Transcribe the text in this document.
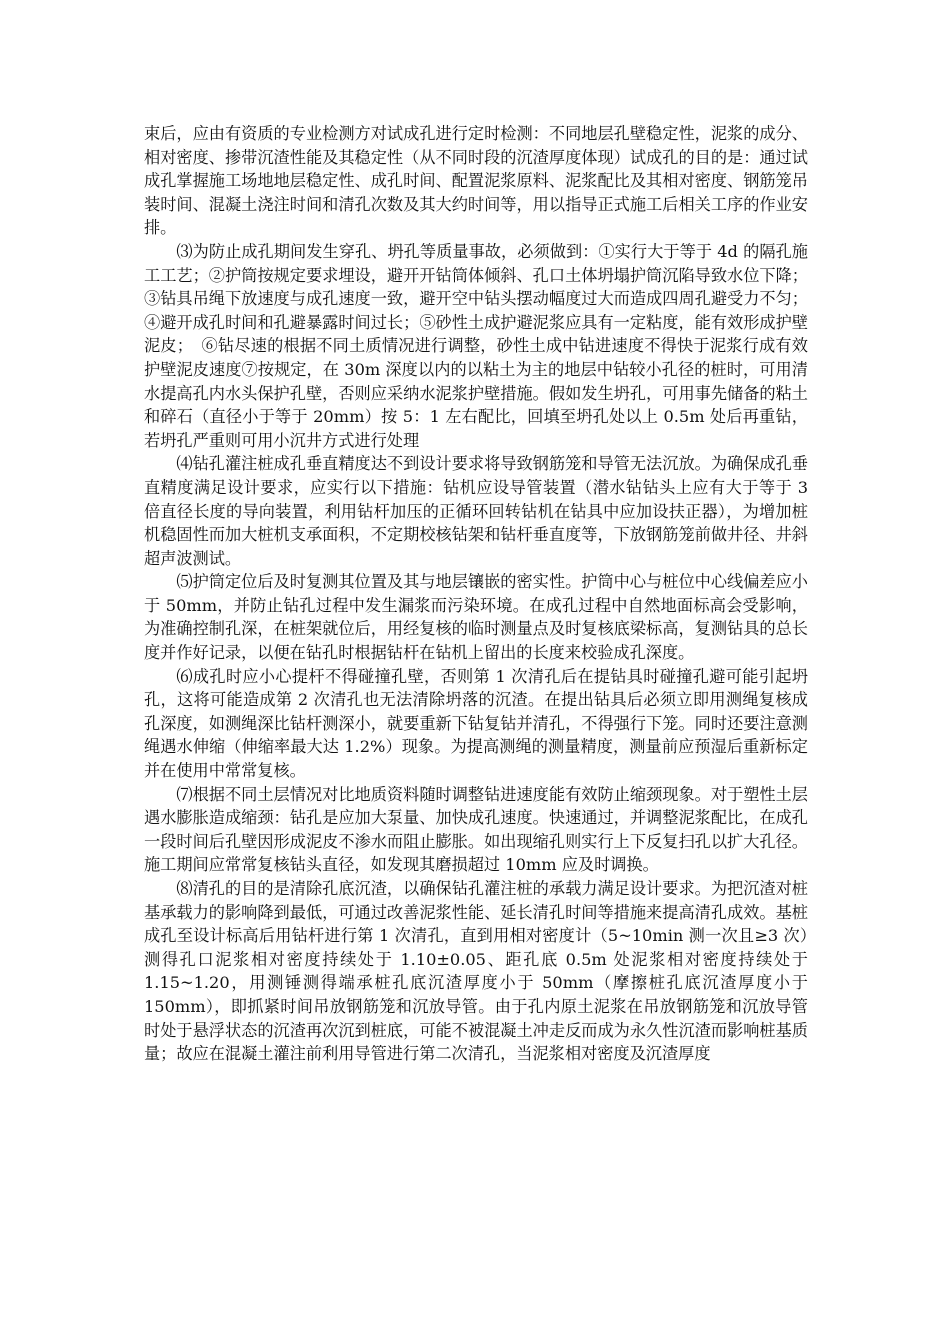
束后，应由有资质的专业检测方对试成孔进行定时检测：不同地层孔壁稳定性，泥浆的成分、相对密度、掺带沉渣性能及其稳定性（从不同时段的沉渣厚度体现）试成孔的目的是：通过试成孔掌握施工场地地层稳定性、成孔时间、配置泥浆原料、泥浆配比及其相对密度、钢筋笼吊装时间、混凝土浇注时间和清孔次数及其大约时间等，用以指导正式施工后相关工序的作业安排。

⑶为防止成孔期间发生穿孔、坍孔等质量事故，必须做到：①实行大于等于 4d 的隔孔施工工艺；②护筒按规定要求埋设，避开开钻筒体倾斜、孔口土体坍塌护筒沉陷导致水位下降；③钻具吊绳下放速度与成孔速度一致，避开空中钻头摆动幅度过大而造成四周孔避受力不匀；④避开成孔时间和孔避暴露时间过长；⑤砂性土成护避泥浆应具有一定粘度，能有效形成护壁泥皮；　⑥钻尽速的根据不同土质情况进行调整，砂性土成中钻进速度不得快于泥浆行成有效护壁泥皮速度⑦按规定，在 30m 深度以内的以粘土为主的地层中钻较小孔径的桩时，可用清水提高孔内水头保护孔壁，否则应采纳水泥浆护壁措施。假如发生坍孔，可用事先储备的粘土和碎石（直径小于等于 20mm）按 5：1 左右配比，回填至坍孔处以上 0.5m 处后再重钻，若坍孔严重则可用小沉井方式进行处理

⑷钻孔灌注桩成孔垂直精度达不到设计要求将导致钢筋笼和导管无法沉放。为确保成孔垂直精度满足设计要求，应实行以下措施：钻机应设导管装置（潜水钻钻头上应有大于等于 3 倍直径长度的导向装置，利用钻杆加压的正循环回转钻机在钻具中应加设扶正器），为增加桩机稳固性而加大桩机支承面积，不定期校核钻架和钻杆垂直度等，下放钢筋笼前做井径、井斜超声波测试。

⑸护筒定位后及时复测其位置及其与地层镶嵌的密实性。护筒中心与桩位中心线偏差应小于 50mm，并防止钻孔过程中发生漏浆而污染环境。在成孔过程中自然地面标高会受影响，为准确控制孔深，在桩架就位后，用经复核的临时测量点及时复核底梁标高，复测钻具的总长度并作好记录，以便在钻孔时根据钻杆在钻机上留出的长度来校验成孔深度。

⑹成孔时应小心提杆不得碰撞孔壁，否则第 1 次清孔后在提钻具时碰撞孔避可能引起坍孔，这将可能造成第 2 次清孔也无法清除坍落的沉渣。在提出钻具后必须立即用测绳复核成孔深度，如测绳深比钻杆测深小，就要重新下钻复钻并清孔，不得强行下笼。同时还要注意测绳遇水伸缩（伸缩率最大达 1.2%）现象。为提高测绳的测量精度，测量前应预湿后重新标定并在使用中常常复核。

⑺根据不同土层情况对比地质资料随时调整钻进速度能有效防止缩颈现象。对于塑性土层遇水膨胀造成缩颈：钻孔是应加大泵量、加快成孔速度。快速通过，并调整泥浆配比，在成孔一段时间后孔壁因形成泥皮不渗水而阻止膨胀。如出现缩孔则实行上下反复扫孔以扩大孔径。施工期间应常常复核钻头直径，如发现其磨损超过 10mm 应及时调换。

⑻清孔的目的是清除孔底沉渣，以确保钻孔灌注桩的承载力满足设计要求。为把沉渣对桩基承载力的影响降到最低，可通过改善泥浆性能、延长清孔时间等措施来提高清孔成效。基桩成孔至设计标高后用钻杆进行第 1 次清孔，直到用相对密度计（5~10min 测一次且≥3 次）测得孔口泥浆相对密度持续处于 1.10±0.05、距孔底 0.5m 处泥浆相对密度持续处于 1.15~1.20，用测锤测得端承桩孔底沉渣厚度小于 50mm（摩擦桩孔底沉渣厚度小于 150mm），即抓紧时间吊放钢筋笼和沉放导管。由于孔内原土泥浆在吊放钢筋笼和沉放导管时处于悬浮状态的沉渣再次沉到桩底，可能不被混凝土冲走反而成为永久性沉渣而影响桩基质量；故应在混凝土灌注前利用导管进行第二次清孔，当泥浆相对密度及沉渣厚度
